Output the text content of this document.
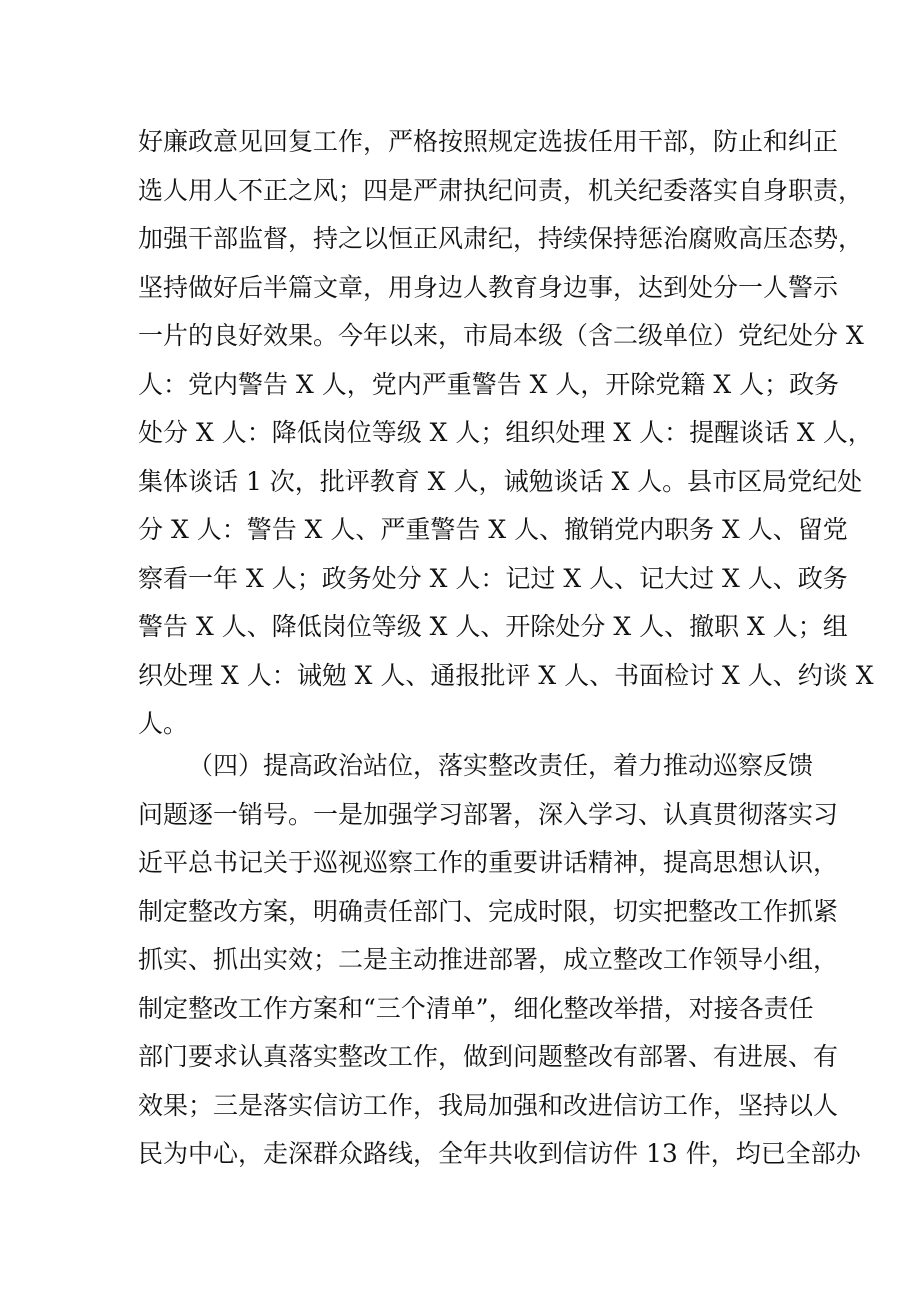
好廉政意见回复工作，严格按照规定选拔任用干部，防止和纠正
选人用人不正之风；四是严肃执纪问责，机关纪委落实自身职责，
加强干部监督，持之以恒正风肃纪，持续保持惩治腐败高压态势，
坚持做好后半篇文章，用身边人教育身边事，达到处分一人警示
一片的良好效果。今年以来，市局本级（含二级单位）党纪处分 X
人：党内警告 X 人，党内严重警告 X 人，开除党籍 X 人；政务
处分 X 人：降低岗位等级 X 人；组织处理 X 人：提醒谈话 X 人，
集体谈话 1 次，批评教育 X 人，诫勉谈话 X 人。县市区局党纪处
分 X 人：警告 X 人、严重警告 X 人、撤销党内职务 X 人、留党
察看一年 X 人；政务处分 X 人：记过 X 人、记大过 X 人、政务
警告 X 人、降低岗位等级 X 人、开除处分 X 人、撤职 X 人；组
织处理 X 人：诫勉 X 人、通报批评 X 人、书面检讨 X 人、约谈 X
人。
（四）提高政治站位，落实整改责任，着力推动巡察反馈
问题逐一销号。一是加强学习部署，深入学习、认真贯彻落实习
近平总书记关于巡视巡察工作的重要讲话精神，提高思想认识，
制定整改方案，明确责任部门、完成时限，切实把整改工作抓紧
抓实、抓出实效；二是主动推进部署，成立整改工作领导小组，
制定整改工作方案和“三个清单”，细化整改举措，对接各责任
部门要求认真落实整改工作，做到问题整改有部署、有进展、有
效果；三是落实信访工作，我局加强和改进信访工作，坚持以人
民为中心，走深群众路线，全年共收到信访件 13 件，均已全部办
